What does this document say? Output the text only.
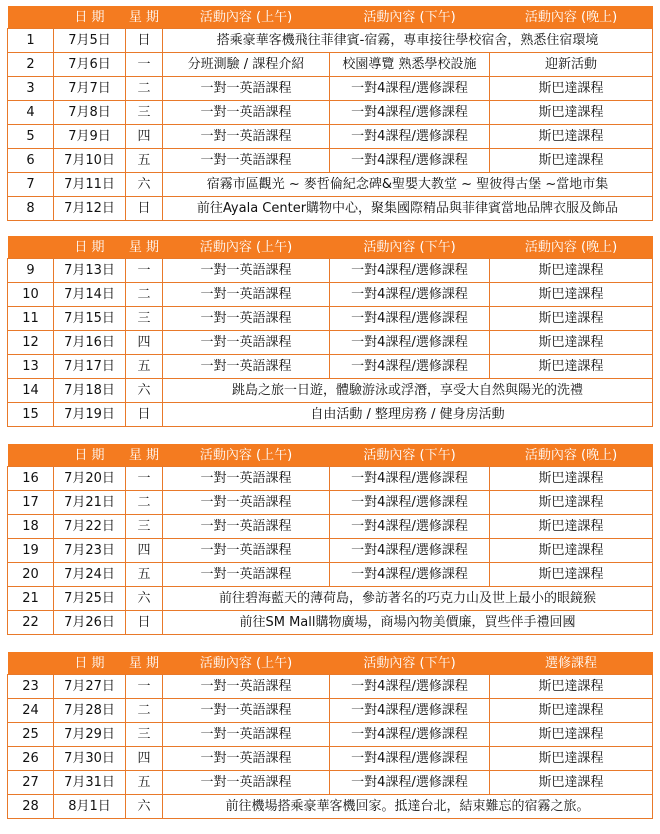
	日 期	星 期	活動內容 (上午)	活動內容 (下午)	活動內容 (晚上)
1	7月5日	日	搭乘豪華客機飛往菲律賓-宿霧，專車接往學校宿舍，熟悉住宿環境		
2	7月6日	一	分班測驗 / 課程介紹	校園導覽 熟悉學校設施	迎新活動
3	7月7日	二	一對一英語課程	一對4課程/選修課程	斯巴達課程
4	7月8日	三	一對一英語課程	一對4課程/選修課程	斯巴達課程
5	7月9日	四	一對一英語課程	一對4課程/選修課程	斯巴達課程
6	7月10日	五	一對一英語課程	一對4課程/選修課程	斯巴達課程
7	7月11日	六	宿霧市區觀光 ~ 麥哲倫紀念碑&聖嬰大教堂 ~ 聖彼得古堡 ~當地市集		
8	7月12日	日	前往Ayala Center購物中心，聚集國際精品與菲律賓當地品牌衣服及飾品		
	日 期	星 期	活動內容 (上午)	活動內容 (下午)	活動內容 (晚上)
9	7月13日	一	一對一英語課程	一對4課程/選修課程	斯巴達課程
10	7月14日	二	一對一英語課程	一對4課程/選修課程	斯巴達課程
11	7月15日	三	一對一英語課程	一對4課程/選修課程	斯巴達課程
12	7月16日	四	一對一英語課程	一對4課程/選修課程	斯巴達課程
13	7月17日	五	一對一英語課程	一對4課程/選修課程	斯巴達課程
14	7月18日	六	跳島之旅一日遊，體驗游泳或浮潛，享受大自然與陽光的洗禮		
15	7月19日	日	自由活動 / 整理房務 / 健身房活動		
	日 期	星 期	活動內容 (上午)	活動內容 (下午)	活動內容 (晚上)
16	7月20日	一	一對一英語課程	一對4課程/選修課程	斯巴達課程
17	7月21日	二	一對一英語課程	一對4課程/選修課程	斯巴達課程
18	7月22日	三	一對一英語課程	一對4課程/選修課程	斯巴達課程
19	7月23日	四	一對一英語課程	一對4課程/選修課程	斯巴達課程
20	7月24日	五	一對一英語課程	一對4課程/選修課程	斯巴達課程
21	7月25日	六	前往碧海藍天的薄荷島，參訪著名的巧克力山及世上最小的眼鏡猴		
22	7月26日	日	前往SM Mall購物廣場，商場內物美價廉，買些伴手禮回國		
	日 期	星 期	活動內容 (上午)	活動內容 (下午)	選修課程
23	7月27日	一	一對一英語課程	一對4課程/選修課程	斯巴達課程
24	7月28日	二	一對一英語課程	一對4課程/選修課程	斯巴達課程
25	7月29日	三	一對一英語課程	一對4課程/選修課程	斯巴達課程
26	7月30日	四	一對一英語課程	一對4課程/選修課程	斯巴達課程
27	7月31日	五	一對一英語課程	一對4課程/選修課程	斯巴達課程
28	8月1日	六	前往機場搭乘豪華客機回家。抵達台北，結束難忘的宿霧之旅。		
